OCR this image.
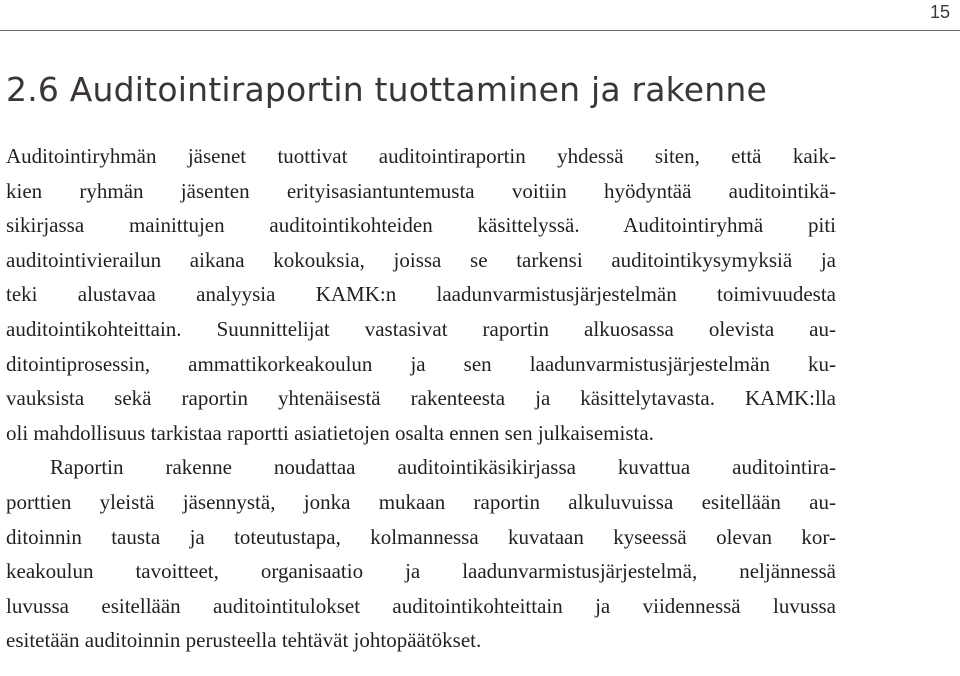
15
2.6 Auditointiraportin tuottaminen ja rakenne
Auditointiryhmän jäsenet tuottivat auditointiraportin yhdessä siten, että kaik-
kien ryhmän jäsenten erityisasiantuntemusta voitiin hyödyntää auditointikä-
sikirjassa mainittujen auditointikohteiden käsittelyssä. Auditointiryhmä piti
auditointivierailun aikana kokouksia, joissa se tarkensi auditointikysymyksiä ja
teki alustavaa analyysia KAMK:n laadunvarmistusjärjestelmän toimivuudesta
auditointikohteittain. Suunnittelijat vastasivat raportin alkuosassa olevista au-
ditointiprosessin, ammattikorkeakoulun ja sen laadunvarmistusjärjestelmän ku-
vauksista sekä raportin yhtenäisestä rakenteesta ja käsittelytavasta. KAMK:lla
oli mahdollisuus tarkistaa raportti asiatietojen osalta ennen sen julkaisemista.
Raportin rakenne noudattaa auditointikäsikirjassa kuvattua auditointira-
porttien yleistä jäsennystä, jonka mukaan raportin alkuluvuissa esitellään au-
ditoinnin tausta ja toteutustapa, kolmannessa kuvataan kyseessä olevan kor-
keakoulun tavoitteet, organisaatio ja laadunvarmistusjärjestelmä, neljännessä
luvussa esitellään auditointitulokset auditointikohteittain ja viidennessä luvussa
esitetään auditoinnin perusteella tehtävät johtopäätökset.
